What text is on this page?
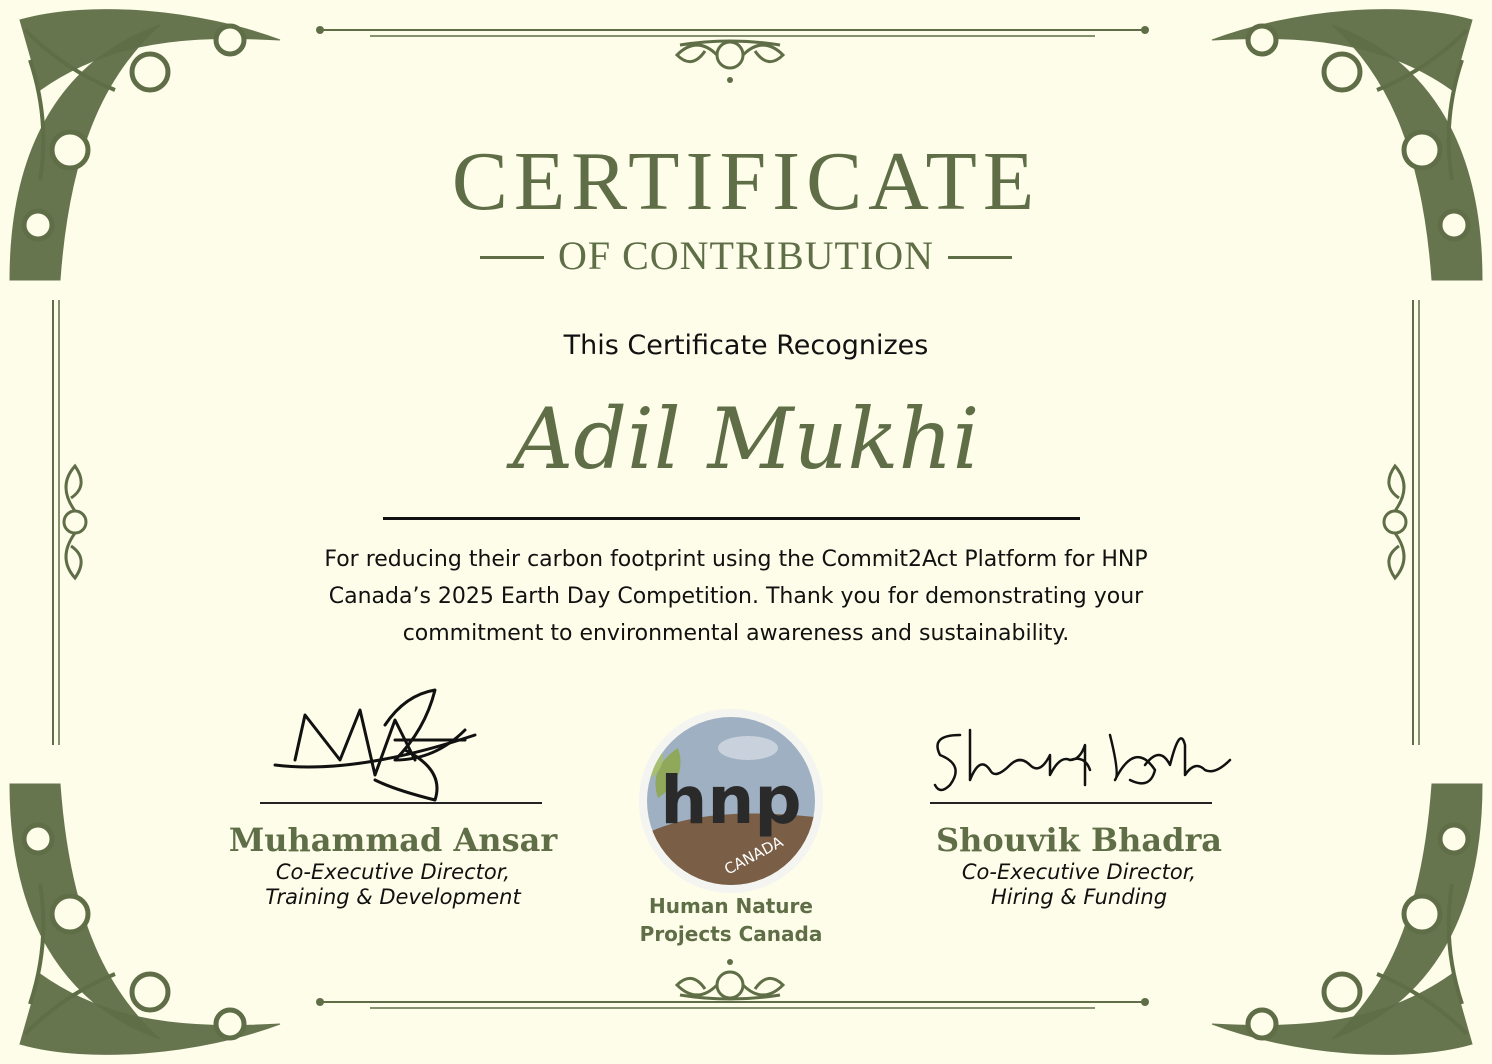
CERTIFICATE
OF CONTRIBUTION
This Certificate Recognizes
Adil Mukhi
For reducing their carbon footprint using the Commit2Act Platform for HNP
Canada’s 2025 Earth Day Competition. Thank you for demonstrating your
commitment to environmental awareness and sustainability.
Muhammad Ansar
Co-Executive Director,
Training & Development
hnp
CANADA
Human Nature
Projects Canada
Shouvik Bhadra
Co-Executive Director,
Hiring & Funding
